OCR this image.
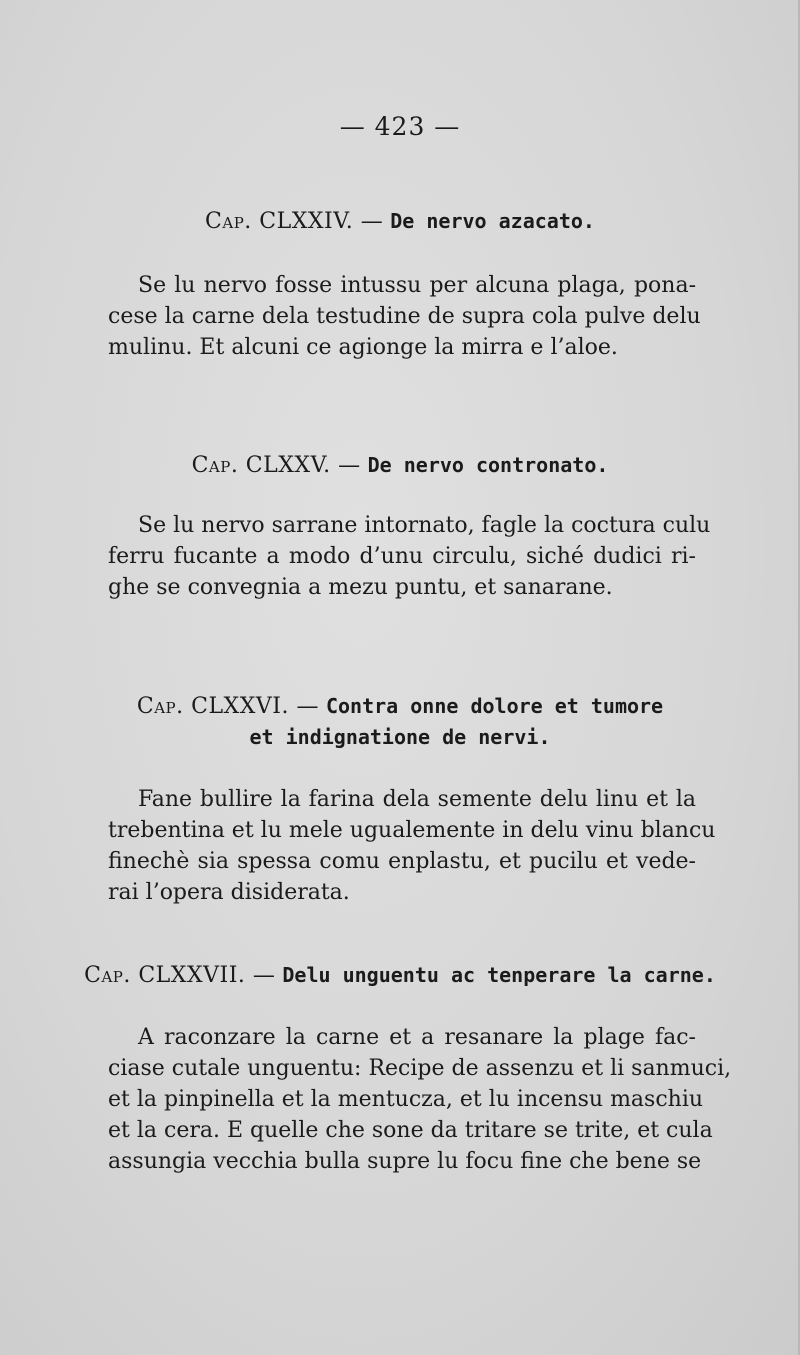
— 423 —
Cap. CLXXIV. — De nervo azacato.
Se lu nervo fosse intussu per alcuna plaga, pona-
cese la carne dela testudine de supra cola pulve delu
mulinu. Et alcuni ce agionge la mirra e l’aloe.
Cap. CLXXV. — De nervo contronato.
Se lu nervo sarrane intornato, fagle la coctura culu
ferru fucante a modo d’unu circulu, siché dudici ri-
ghe se convegnia a mezu puntu, et sanarane.
Cap. CLXXVI. — Contra onne dolore et tumore
et indignatione de nervi.
Fane bullire la farina dela semente delu linu et la
trebentina et lu mele ugualemente in delu vinu blancu
finechè sia spessa comu enplastu, et pucilu et vede-
rai l’opera disiderata.
Cap. CLXXVII. — Delu unguentu ac tenperare la carne.
A raconzare la carne et a resanare la plage fac-
ciase cutale unguentu: Recipe de assenzu et li sanmuci,
et la pinpinella et la mentucza, et lu incensu maschiu
et la cera. E quelle che sone da tritare se trite, et cula
assungia vecchia bulla supre lu focu fine che bene se
